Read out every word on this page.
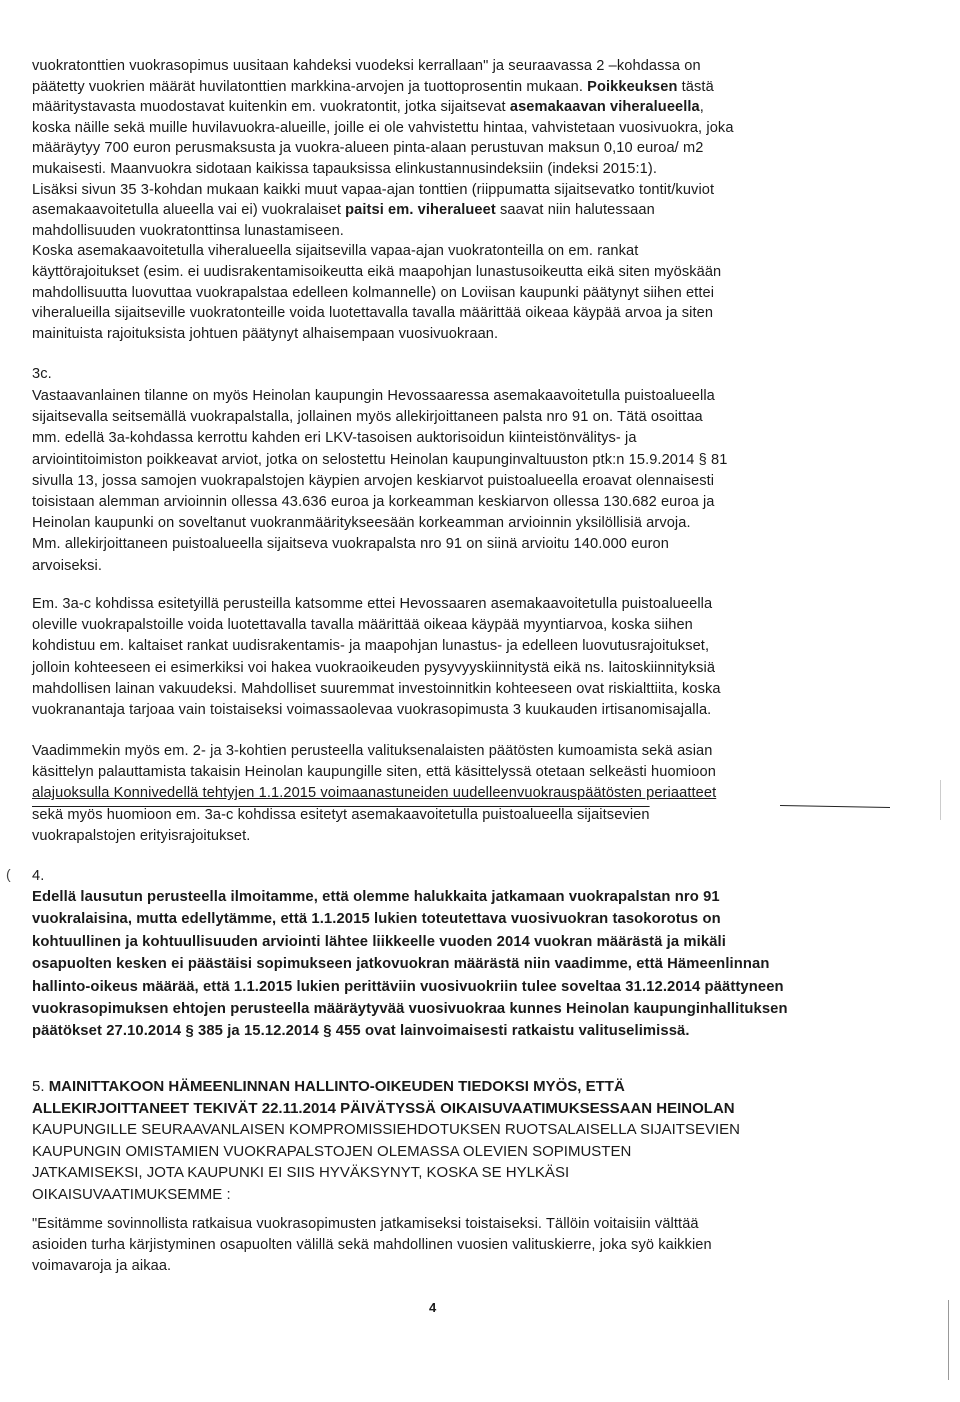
vuokratonttien vuokrasopimus uusitaan kahdeksi vuodeksi kerrallaan" ja seuraavassa 2 –kohdassa on
päätetty vuokrien määrät huvilatonttien markkina-arvojen ja tuottoprosentin mukaan. Poikkeuksen tästä
määritystavasta muodostavat kuitenkin em. vuokratontit, jotka sijaitsevat asemakaavan viheralueella,
koska näille sekä muille huvilavuokra-alueille, joille ei ole vahvistettu hintaa, vahvistetaan vuosivuokra, joka
määräytyy 700 euron perusmaksusta ja vuokra-alueen pinta-alaan perustuvan maksun 0,10 euroa/ m2
mukaisesti. Maanvuokra sidotaan kaikissa tapauksissa elinkustannusindeksiin (indeksi 2015:1).
Lisäksi sivun 35 3-kohdan mukaan kaikki muut vapaa-ajan tonttien (riippumatta sijaitsevatko tontit/kuviot
asemakaavoitetulla alueella vai ei) vuokralaiset paitsi em. viheralueet saavat niin halutessaan
mahdollisuuden vuokratonttinsa lunastamiseen.
Koska asemakaavoitetulla viheralueella sijaitsevilla vapaa-ajan vuokratonteilla on em. rankat
käyttörajoitukset (esim. ei uudisrakentamisoikeutta eikä maapohjan lunastusoikeutta eikä siten myöskään
mahdollisuutta luovuttaa vuokrapalstaa edelleen kolmannelle) on Loviisan kaupunki päätynyt siihen ettei
viheralueilla sijaitseville vuokratonteille voida luotettavalla tavalla määrittää oikeaa käypää arvoa ja siten
mainituista rajoituksista johtuen päätynyt alhaisempaan vuosivuokraan.
3c.
Vastaavanlainen tilanne on myös Heinolan kaupungin Hevossaaressa asemakaavoitetulla puistoalueella
sijaitsevalla seitsemällä vuokrapalstalla, jollainen myös allekirjoittaneen palsta nro 91 on. Tätä osoittaa
mm. edellä 3a-kohdassa kerrottu kahden eri LKV-tasoisen auktorisoidun kiinteistönvälitys- ja
arviointitoimiston poikkeavat arviot, jotka on selostettu Heinolan kaupunginvaltuuston ptk:n 15.9.2014 § 81
sivulla 13, jossa samojen vuokrapalstojen käypien arvojen keskiarvot puistoalueella eroavat olennaisesti
toisistaan alemman arvioinnin ollessa 43.636 euroa ja korkeamman keskiarvon ollessa 130.682 euroa ja
Heinolan kaupunki on soveltanut vuokranmääritykseesään korkeamman arvioinnin yksilöllisiä arvoja.
Mm. allekirjoittaneen puistoalueella sijaitseva vuokrapalsta nro 91 on siinä arvioitu 140.000 euron
arvoiseksi.
Em. 3a-c kohdissa esitetyillä perusteilla katsomme ettei Hevossaaren asemakaavoitetulla puistoalueella
oleville vuokrapalstoille voida luotettavalla tavalla määrittää oikeaa käypää myyntiarvoa, koska siihen
kohdistuu em. kaltaiset rankat uudisrakentamis- ja maapohjan lunastus- ja edelleen luovutusrajoitukset,
jolloin kohteeseen ei esimerkiksi voi hakea vuokraoikeuden pysyvyyskiinnitystä eikä ns. laitoskiinnityksiä
mahdollisen lainan vakuudeksi. Mahdolliset suuremmat investoinnitkin kohteeseen ovat riskialttiita, koska
vuokranantaja tarjoaa vain toistaiseksi voimassaolevaa vuokrasopimusta 3 kuukauden irtisanomisajalla.
Vaadimmekin myös em. 2- ja 3-kohtien perusteella valituksenalaisten päätösten kumoamista sekä asian
käsittelyn palauttamista takaisin Heinolan kaupungille siten, että käsittelyssä otetaan selkeästi huomioon
alajuoksulla Konnivedellä tehtyjen 1.1.2015 voimaanastuneiden uudelleenvuokrauspäätösten periaatteet
sekä myös huomioon em. 3a-c kohdissa esitetyt asemakaavoitetulla puistoalueella sijaitsevien
vuokrapalstojen erityisrajoitukset.
4.
(
Edellä lausutun perusteella ilmoitamme, että olemme halukkaita jatkamaan vuokrapalstan nro 91
vuokralaisina, mutta edellytämme, että 1.1.2015 lukien toteutettava vuosivuokran tasokorotus on
kohtuullinen ja kohtuullisuuden arviointi lähtee liikkeelle vuoden 2014 vuokran määrästä ja mikäli
osapuolten kesken ei päästäisi sopimukseen jatkovuokran määrästä niin vaadimme, että Hämeenlinnan
hallinto-oikeus määrää, että 1.1.2015 lukien perittäviin vuosivuokriin tulee soveltaa 31.12.2014 päättyneen
vuokrasopimuksen ehtojen perusteella määräytyvää vuosivuokraa kunnes Heinolan kaupunginhallituksen
päätökset 27.10.2014 § 385 ja 15.12.2014 § 455 ovat lainvoimaisesti ratkaistu valituselimissä.
5. MAINITTAKOON HÄMEENLINNAN HALLINTO-OIKEUDEN TIEDOKSI MYÖS, ETTÄ
ALLEKIRJOITTANEET TEKIVÄT 22.11.2014 PÄIVÄTYSSÄ OIKAISUVAATIMUKSESSAAN HEINOLAN
KAUPUNGILLE SEURAAVANLAISEN KOMPROMISSIEHDOTUKSEN RUOTSALAISELLA SIJAITSEVIEN
KAUPUNGIN OMISTAMIEN VUOKRAPALSTOJEN OLEMASSA OLEVIEN SOPIMUSTEN
JATKAMISEKSI, JOTA KAUPUNKI EI SIIS HYVÄKSYNYT, KOSKA SE HYLKÄSI
OIKAISUVAATIMUKSEMME :
"Esitämme sovinnollista ratkaisua vuokrasopimusten jatkamiseksi toistaiseksi. Tällöin voitaisiin välttää
asioiden turha kärjistyminen osapuolten välillä sekä mahdollinen vuosien valituskierre, joka syö kaikkien
voimavaroja ja aikaa.
4
